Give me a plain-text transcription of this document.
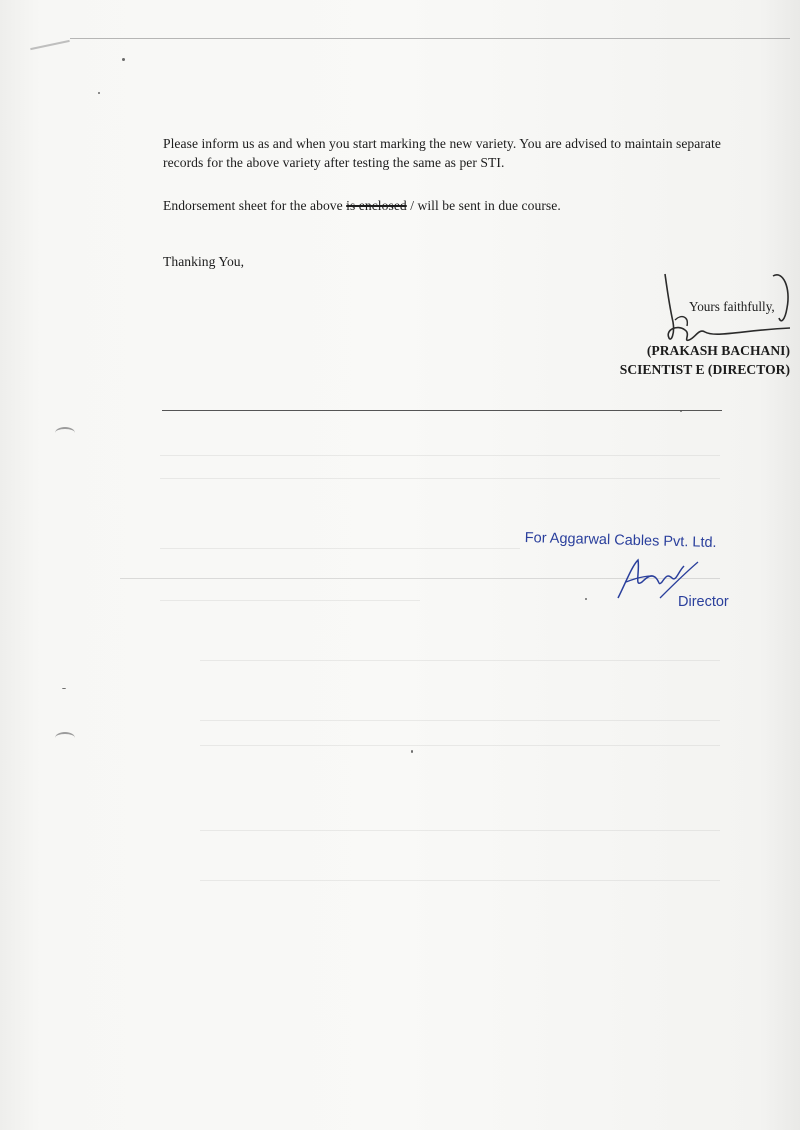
Please inform us as and when you start marking the new variety. You are advised to maintain separate records for the above variety after testing the same as per STI.

Endorsement sheet for the above is enclosed / will be sent in due course.

Thanking You,

Yours faithfully,
(PRAKASH BACHANI)
SCIENTIST E (DIRECTOR)
For Aggarwal Cables Pvt. Ltd.
Director
